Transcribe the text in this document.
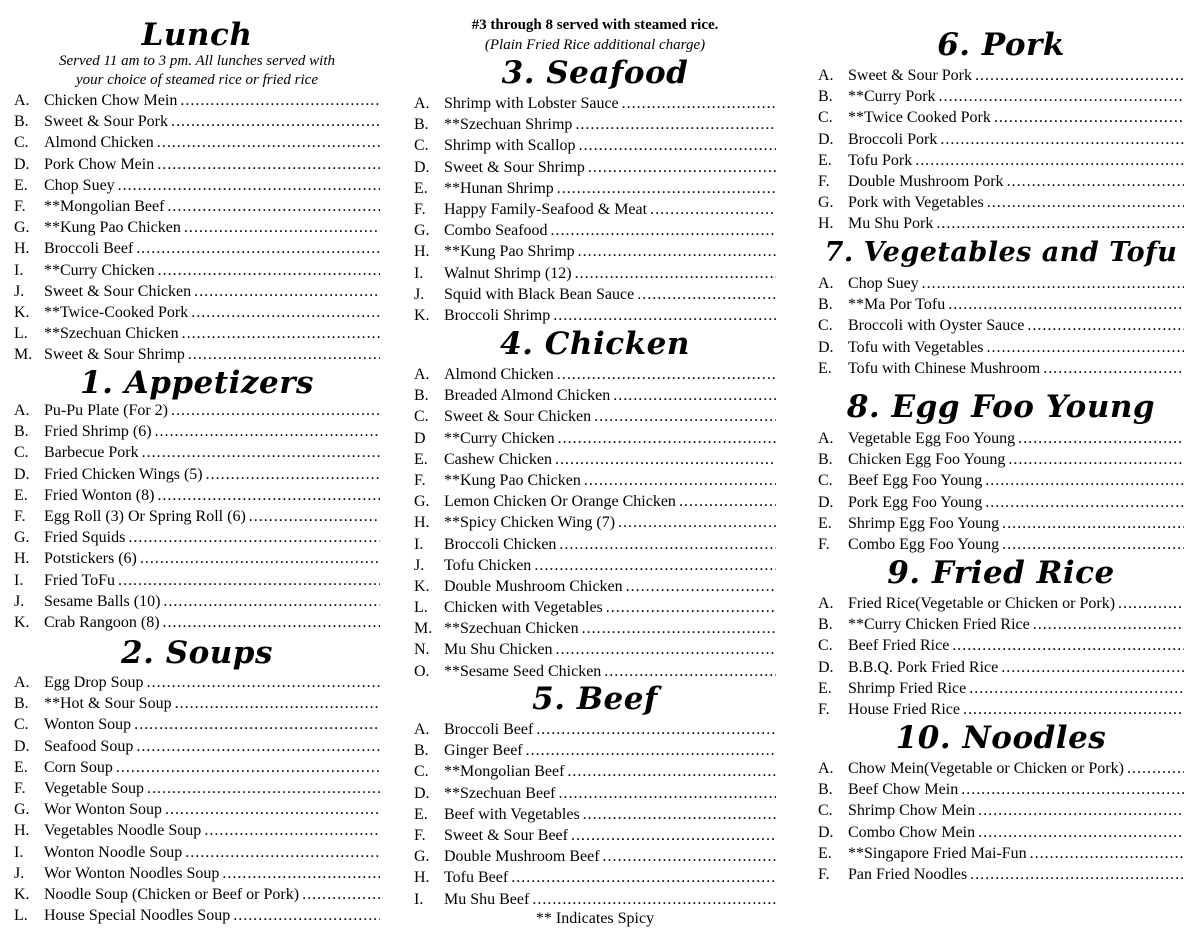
Lunch
Served 11 am to 3 pm. All lunches served with
your choice of steamed rice or fried rice
A. Chicken Chow Mein
.....
B. Sweet & Sour Pork
.....
C. Almond Chicken
.....
D. Pork Chow Mein
.....
E.	Chop Suey
.....
F.	**Mongolian Beef
.....
G. **Kung Pao Chicken
.....
H. Broccoli Beef
.....
I.	**Curry Chicken
.....
J.	Sweet & Sour Chicken
.....
K. **Twice-Cooked Pork
.....
L.	**Szechuan Chicken
.....
M. Sweet & Sour Shrimp
.....
1. Appetizers
A. Pu-Pu Plate (For 2)
.....
B. Fried Shrimp (6)
.....
C. Barbecue Pork
.....
D. Fried Chicken Wings (5)
.....
E.	Fried Wonton (8)
.....
F.	Egg Roll (3) Or Spring Roll (6)
.....
G. Fried Squids
.....
H. Potstickers (6)
.....
I.	Fried ToFu
.....
J.	Sesame Balls (10)
.....
K. Crab Rangoon (8)
.....
2. Soups
A. Egg Drop Soup
.....
B. **Hot & Sour Soup
.....
C. Wonton Soup
.....
D. Seafood Soup
.....
E.	Corn Soup
.....
F.	Vegetable Soup
.....
G. Wor Wonton Soup
.....
H. Vegetables Noodle Soup
.....
I.	Wonton Noodle Soup
.....
J.	Wor Wonton Noodles Soup
.....
K. Noodle Soup (Chicken or Beef or Pork)
.....
L.	House Special Noodles Soup
.....
#3 through 8 served with steamed rice.
(Plain Fried Rice additional charge)
3. Seafood
A. Shrimp with Lobster Sauce
.....
B. **Szechuan Shrimp
.....
C. Shrimp with Scallop
.....
D. Sweet & Sour Shrimp
.....
E.	**Hunan Shrimp
.....
F.	Happy Family-Seafood & Meat
.....
G. Combo Seafood
.....
H. **Kung Pao Shrimp
.....
I.	Walnut Shrimp (12)
.....
J.	Squid with Black Bean Sauce
.....
K. Broccoli Shrimp
.....
4. Chicken
A. Almond Chicken
.....
B. Breaded Almond Chicken
.....
C. Sweet & Sour Chicken
.....
D	**Curry Chicken
.....
E.	Cashew Chicken
.....
F.	**Kung Pao Chicken
.....
G. Lemon Chicken Or Orange Chicken
.....
H. **Spicy Chicken Wing (7)
.....
I.	Broccoli Chicken
.....
J.	Tofu Chicken
.....
K. Double Mushroom Chicken
.....
L.	Chicken with Vegetables
.....
M. **Szechuan Chicken
.....
N. Mu Shu Chicken
.....
O. **Sesame Seed Chicken
.....
5. Beef
A. Broccoli Beef
.....
B. Ginger Beef
.....
C. **Mongolian Beef
.....
D. **Szechuan Beef
.....
E.	Beef with Vegetables
.....
F.	Sweet & Sour Beef
.....
G. Double Mushroom Beef
.....
H. Tofu Beef
.....
I.	Mu Shu Beef
.....
** Indicates Spicy
6. Pork
A. Sweet & Sour Pork
.....
B. **Curry Pork
.....
C. **Twice Cooked Pork
.....
D. Broccoli Pork
.....
E.	Tofu Pork
.....
F.	Double Mushroom Pork
.....
G. Pork with Vegetables
.....
H. Mu Shu Pork
.....
7. Vegetables and Tofu
A. Chop Suey
.....
B. **Ma Por Tofu
.....
C. Broccoli with Oyster Sauce
.....
D. Tofu with Vegetables
.....
E.	Tofu with Chinese Mushroom
.....
8. Egg Foo Young
A. Vegetable Egg Foo Young
.....
B. Chicken Egg Foo Young
.....
C. Beef Egg Foo Young
.....
D. Pork Egg Foo Young
.....
E.	Shrimp Egg Foo Young
.....
F.	Combo Egg Foo Young
.....
9. Fried Rice
A. Fried Rice(Vegetable or Chicken or Pork)
.....
B. **Curry Chicken Fried Rice
.....
C. Beef Fried Rice
.....
D. B.B.Q. Pork Fried Rice
.....
E.	Shrimp Fried Rice
.....
F.	House Fried Rice
.....
10. Noodles
A. Chow Mein(Vegetable or Chicken or Pork)
.....
B. Beef Chow Mein
.....
C. Shrimp Chow Mein
.....
D. Combo Chow Mein
.....
E.	**Singapore Fried Mai-Fun
.....
F.	Pan Fried Noodles
.....
